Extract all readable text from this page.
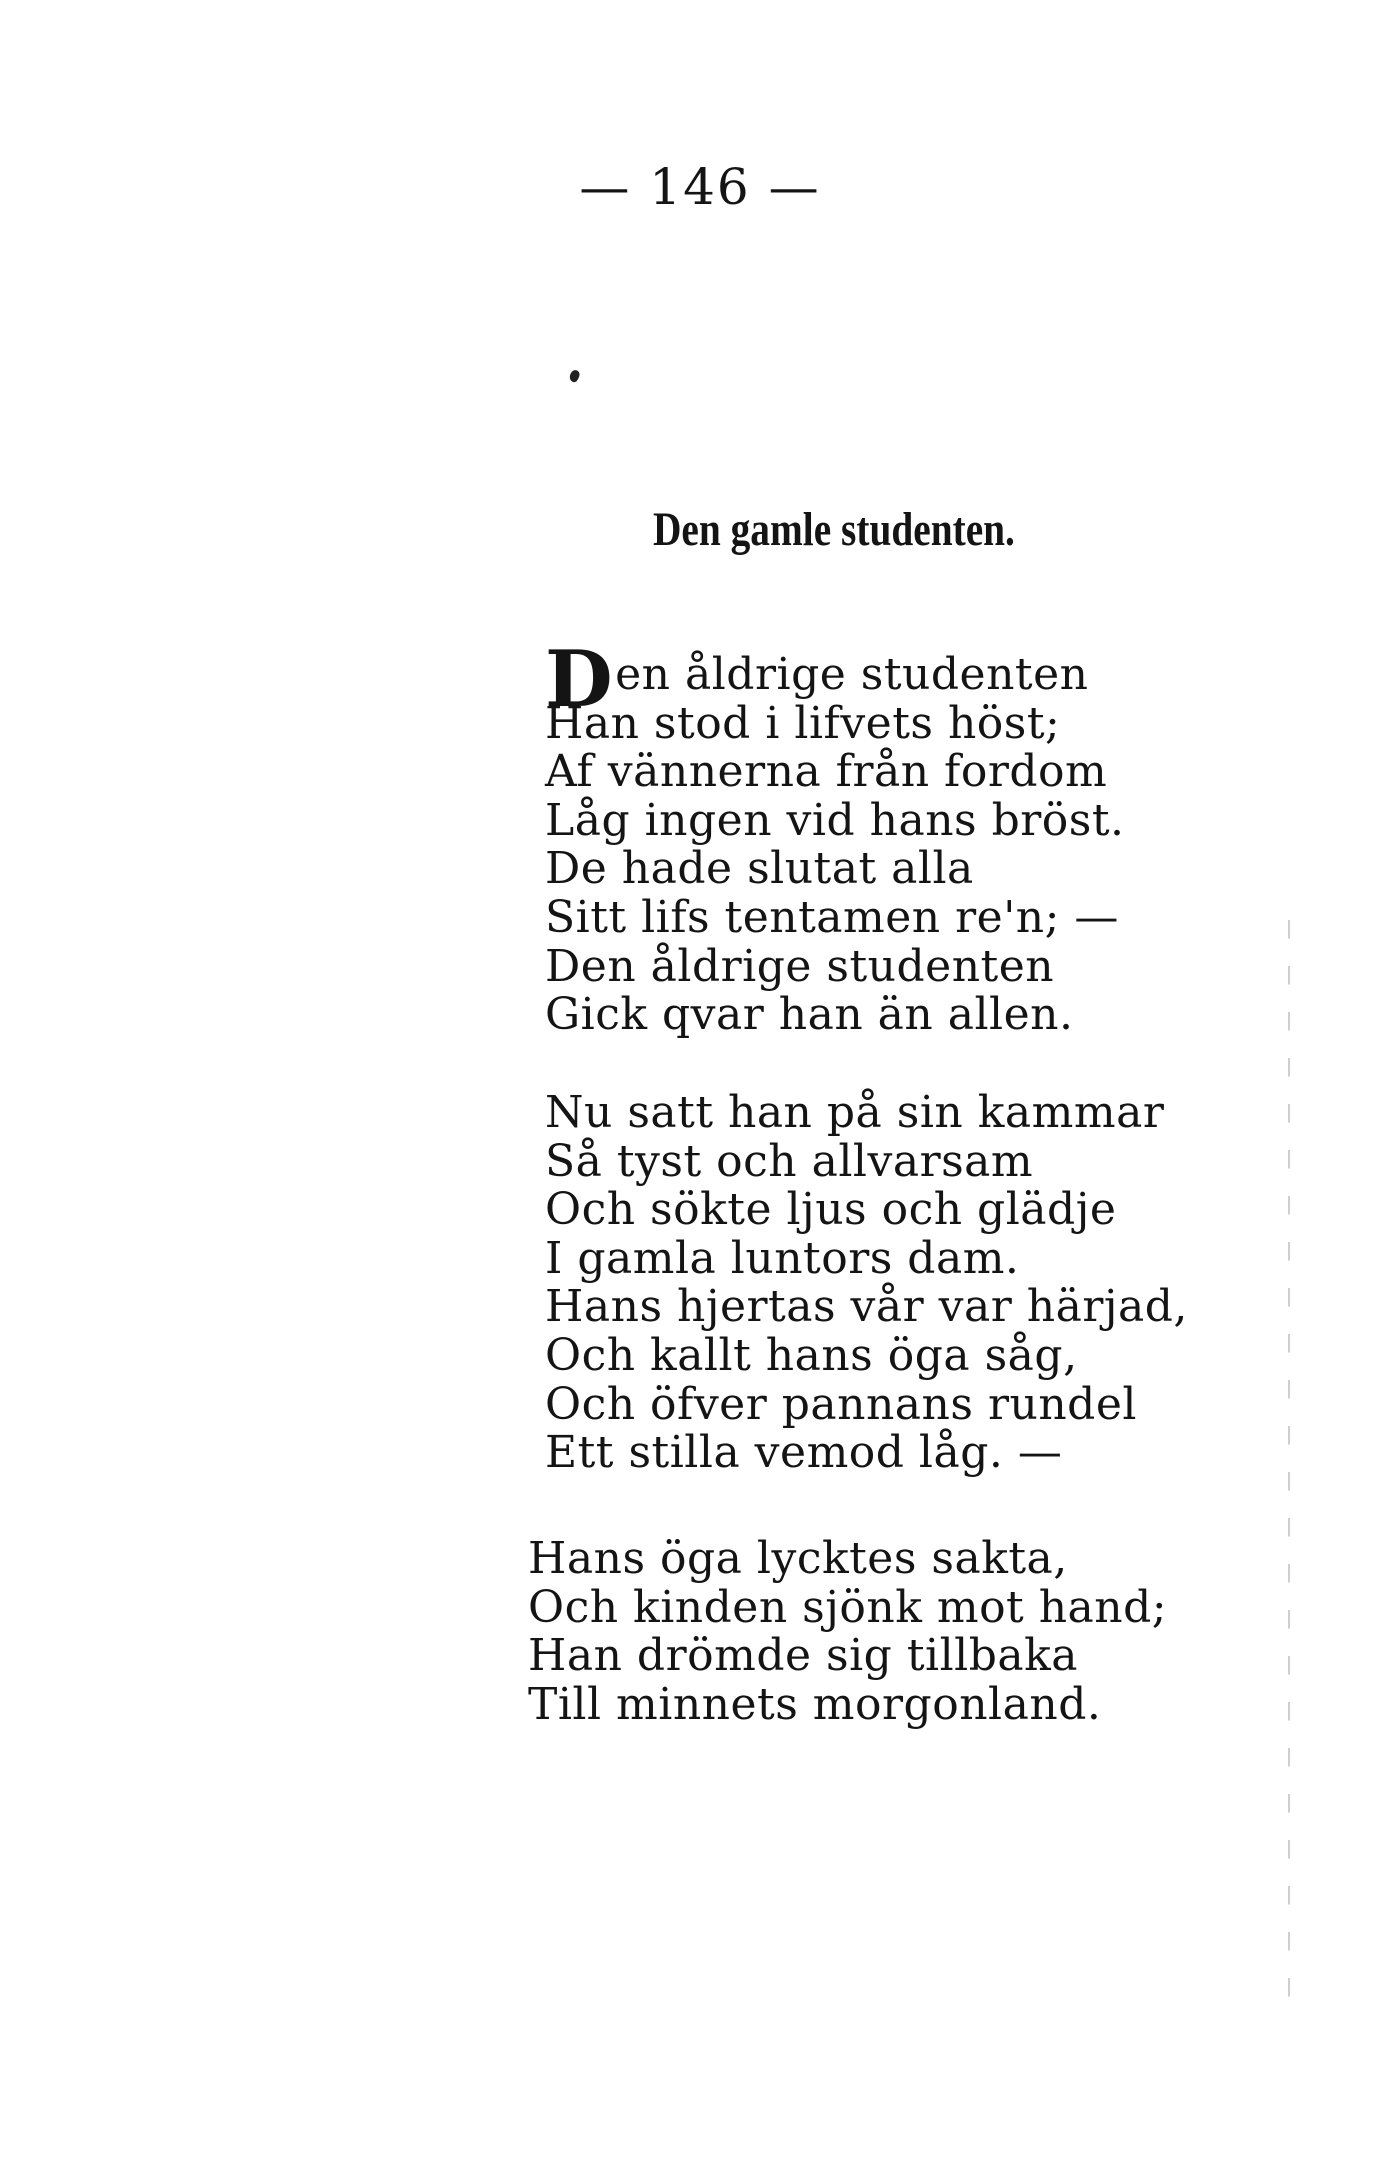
— 146 —
Den gamle studenten.
Den åldrige studenten
Han stod i lifvets höst;
Af vännerna från fordom
Låg ingen vid hans bröst.
De hade slutat alla
Sitt lifs tentamen re'n; —
Den åldrige studenten
Gick qvar han än allen.
Nu satt han på sin kammar
Så tyst och allvarsam
Och sökte ljus och glädje
I gamla luntors dam.
Hans hjertas vår var härjad,
Och kallt hans öga såg,
Och öfver pannans rundel
Ett stilla vemod låg. —
Hans öga lycktes sakta,
Och kinden sjönk mot hand;
Han drömde sig tillbaka
Till minnets morgonland.
